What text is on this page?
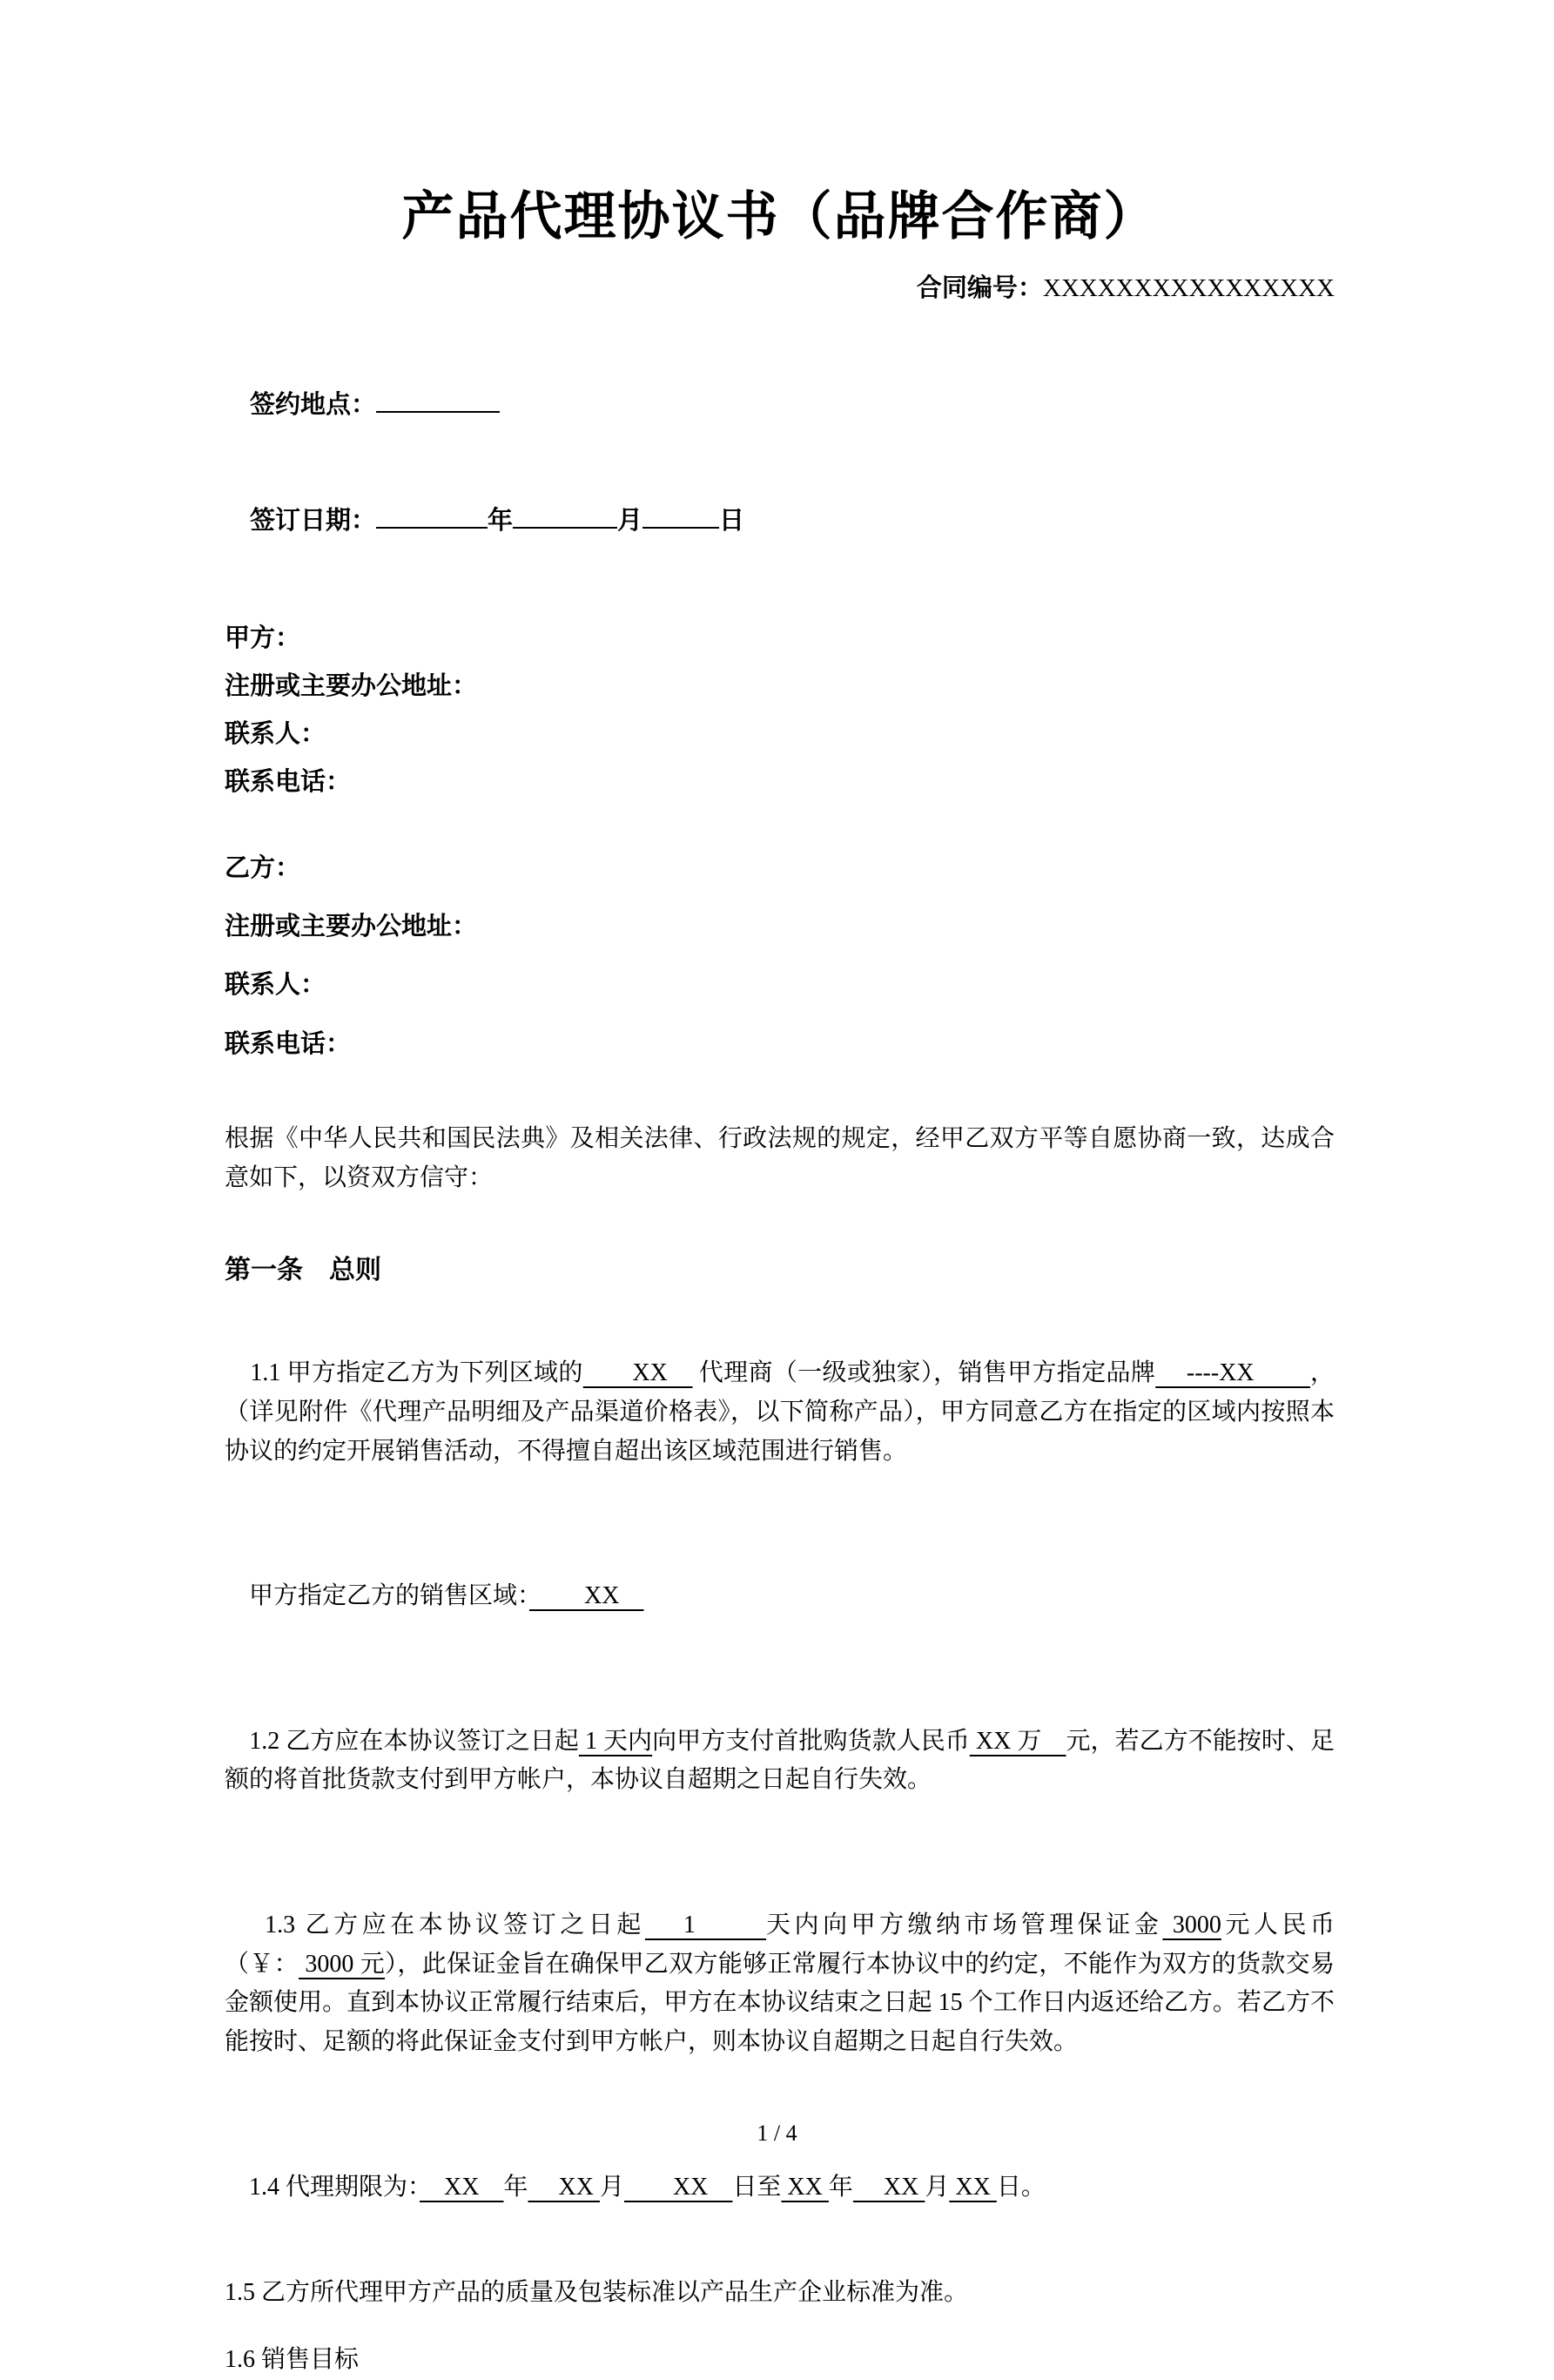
产品代理协议书（品牌合作商）
合同编号：XXXXXXXXXXXXXXXX

签约地点：

签订日期：	年	月	日

甲方：
注册或主要办公地址：
联系人：
联系电话：
乙方：
注册或主要办公地址：
联系人：
联系电话：

根据《中华人民共和国民法典》及相关法律、行政法规的规定，经甲乙双方平等自愿协商一致，达成合意如下，以资双方信守：

第一条　总则

1.1 甲方指定乙方为下列区域的　　XX　 代理商（一级或独家），销售甲方指定品牌　 ----XX　　 ，（详见附件《代理产品明细及产品渠道价格表》，以下简称产品），甲方同意乙方在指定的区域内按照本协议的约定开展销售活动，不得擅自超出该区域范围进行销售。

甲方指定乙方的销售区域：　 　XX　

1.2 乙方应在本协议签订之日起 1 天内向甲方支付首批购货款人民币 XX 万　元，若乙方不能按时、足额的将首批货款支付到甲方帐户，本协议自超期之日起自行失效。

1.3 乙方应在本协议签订之日起　 1　 　天内向甲方缴纳市场管理保证金 3000元人民币（￥： 3000 元），此保证金旨在确保甲乙双方能够正常履行本协议中的约定，不能作为双方的货款交易金额使用。直到本协议正常履行结束后，甲方在本协议结束之日起 15 个工作日内返还给乙方。若乙方不能按时、足额的将此保证金支付到甲方帐户，则本协议自超期之日起自行失效。

1.4 代理期限为：　XX　年　 XX 月　　XX　日至 XX 年　 XX 月 XX 日。

1.5 乙方所代理甲方产品的质量及包装标准以产品生产企业标准为准。

1.6 销售目标

1 / 4
